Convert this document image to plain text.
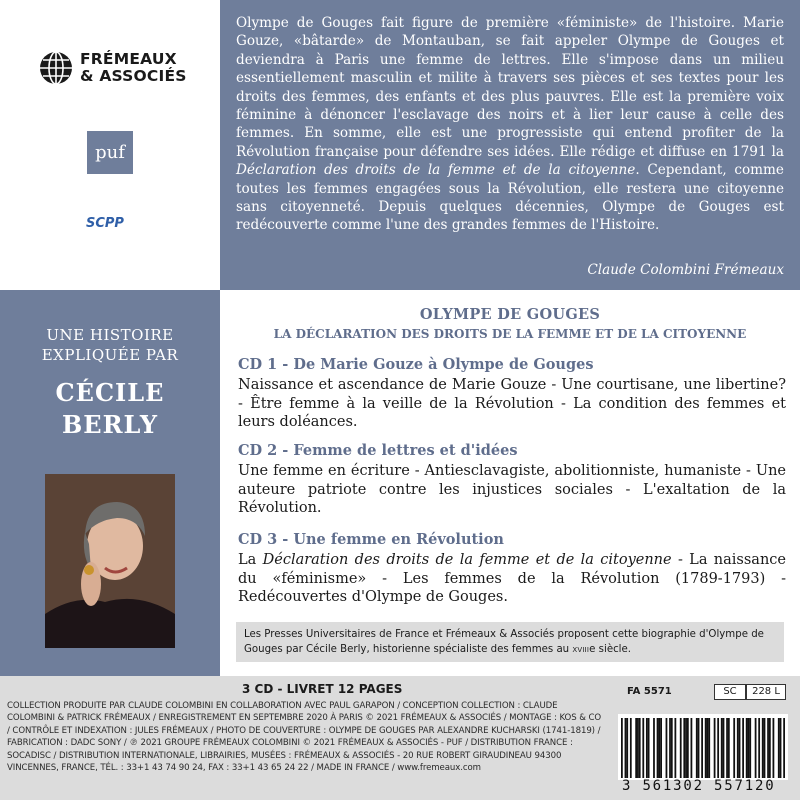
FRÉMEAUX
& ASSOCIÉS
puf
SCPP
Olympe de Gouges fait figure de première «féministe» de l'histoire. Marie Gouze, «bâtarde» de Montauban, se fait appeler Olympe de Gouges et deviendra à Paris une femme de lettres. Elle s'impose dans un milieu essentiellement masculin et milite à travers ses pièces et ses textes pour les droits des femmes, des enfants et des plus pauvres. Elle est la première voix féminine à dénoncer l'esclavage des noirs et à lier leur cause à celle des femmes. En somme, elle est une progressiste qui entend profiter de la Révolution française pour défendre ses idées. Elle rédige et diffuse en 1791 la Déclaration des droits de la femme et de la citoyenne. Cependant, comme toutes les femmes engagées sous la Révolution, elle restera une citoyenne sans citoyenneté. Depuis quelques décennies, Olympe de Gouges est redécouverte comme l'une des grandes femmes de l'Histoire.
Claude Colombini Frémeaux
UNE HISTOIRE
EXPLIQUÉE PAR
CÉCILE
BERLY
OLYMPE DE GOUGES
LA DÉCLARATION DES DROITS DE LA FEMME ET DE LA CITOYENNE
CD 1 - De Marie Gouze à Olympe de Gouges
Naissance et ascendance de Marie Gouze - Une courtisane, une libertine? - Être femme à la veille de la Révolution - La condition des femmes et leurs doléances.
CD 2 - Femme de lettres et d'idées
Une femme en écriture - Antiesclavagiste, abolitionniste, humaniste - Une auteure patriote contre les injustices sociales - L'exaltation de la Révolution.
CD 3 - Une femme en Révolution
La Déclaration des droits de la femme et de la citoyenne - La naissance du «féminisme» - Les femmes de la Révolution (1789-1793) - Redécouvertes d'Olympe de Gouges.
Les Presses Universitaires de France et Frémeaux & Associés proposent cette biographie d'Olympe de Gouges par Cécile Berly, historienne spécialiste des femmes au XVIIIe siècle.
3 CD - LIVRET 12 PAGES	FA 5571	SC	228 L
COLLECTION PRODUITE PAR CLAUDE COLOMBINI EN COLLABORATION AVEC PAUL GARAPON / CONCEPTION COLLECTION : CLAUDE COLOMBINI & PATRICK FRÉMEAUX / ENREGISTREMENT EN SEPTEMBRE 2020 À PARIS © 2021 FRÉMEAUX & ASSOCIÉS / MONTAGE : KOS & CO / CONTRÔLE ET INDEXATION : JULES FRÉMEAUX / PHOTO DE COUVERTURE : OLYMPE DE GOUGES PAR ALEXANDRE KUCHARSKI (1741-1819) / FABRICATION : DADC SONY / ℗ 2021 GROUPE FRÉMEAUX COLOMBINI © 2021 FRÉMEAUX & ASSOCIÉS - PUF / DISTRIBUTION FRANCE : SOCADISC / DISTRIBUTION INTERNATIONALE, LIBRAIRIES, MUSÉES : FRÉMEAUX & ASSOCIÉS - 20 RUE ROBERT GIRAUDINEAU 94300 VINCENNES, FRANCE, TÉL. : 33+1 43 74 90 24, FAX : 33+1 43 65 24 22 / MADE IN FRANCE / www.fremeaux.com
3 561302 557120
